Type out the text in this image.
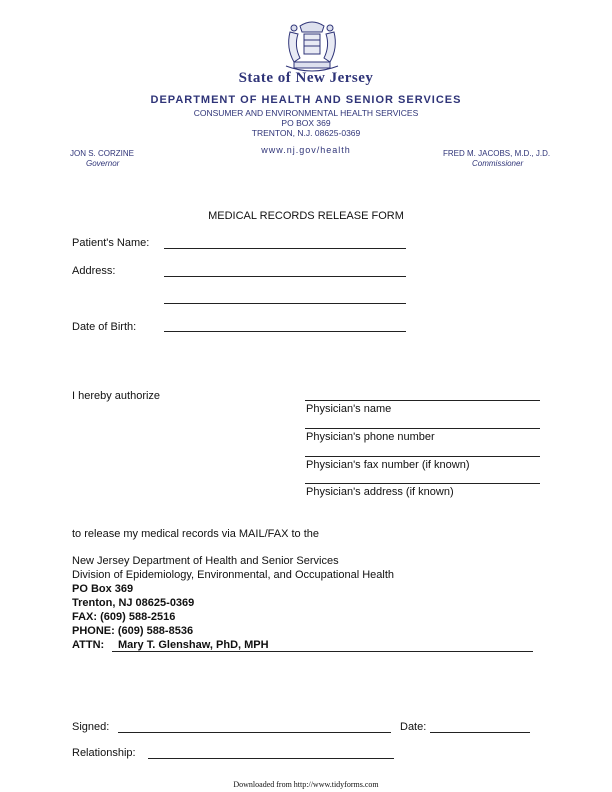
State of New Jersey
DEPARTMENT OF HEALTH AND SENIOR SERVICES
CONSUMER AND ENVIRONMENTAL HEALTH SERVICES
PO BOX 369
TRENTON, N.J. 08625-0369
www.nj.gov/health
JON S. CORZINE
Governor
FRED M. JACOBS, M.D., J.D.
Commissioner
MEDICAL RECORDS RELEASE FORM
Patient's Name:
Address:
Date of Birth:
I hereby authorize
Physician's name
Physician's phone number
Physician's fax number (if known)
Physician's address (if known)
to release my medical records via MAIL/FAX to the
New Jersey Department of Health and Senior Services
Division of Epidemiology, Environmental, and Occupational Health
PO Box 369
Trenton, NJ 08625-0369
FAX: (609) 588-2516
PHONE: (609) 588-8536
ATTN: Mary T. Glenshaw, PhD, MPH
Signed:	Date:
Relationship:
Downloaded from http://www.tidyforms.com
